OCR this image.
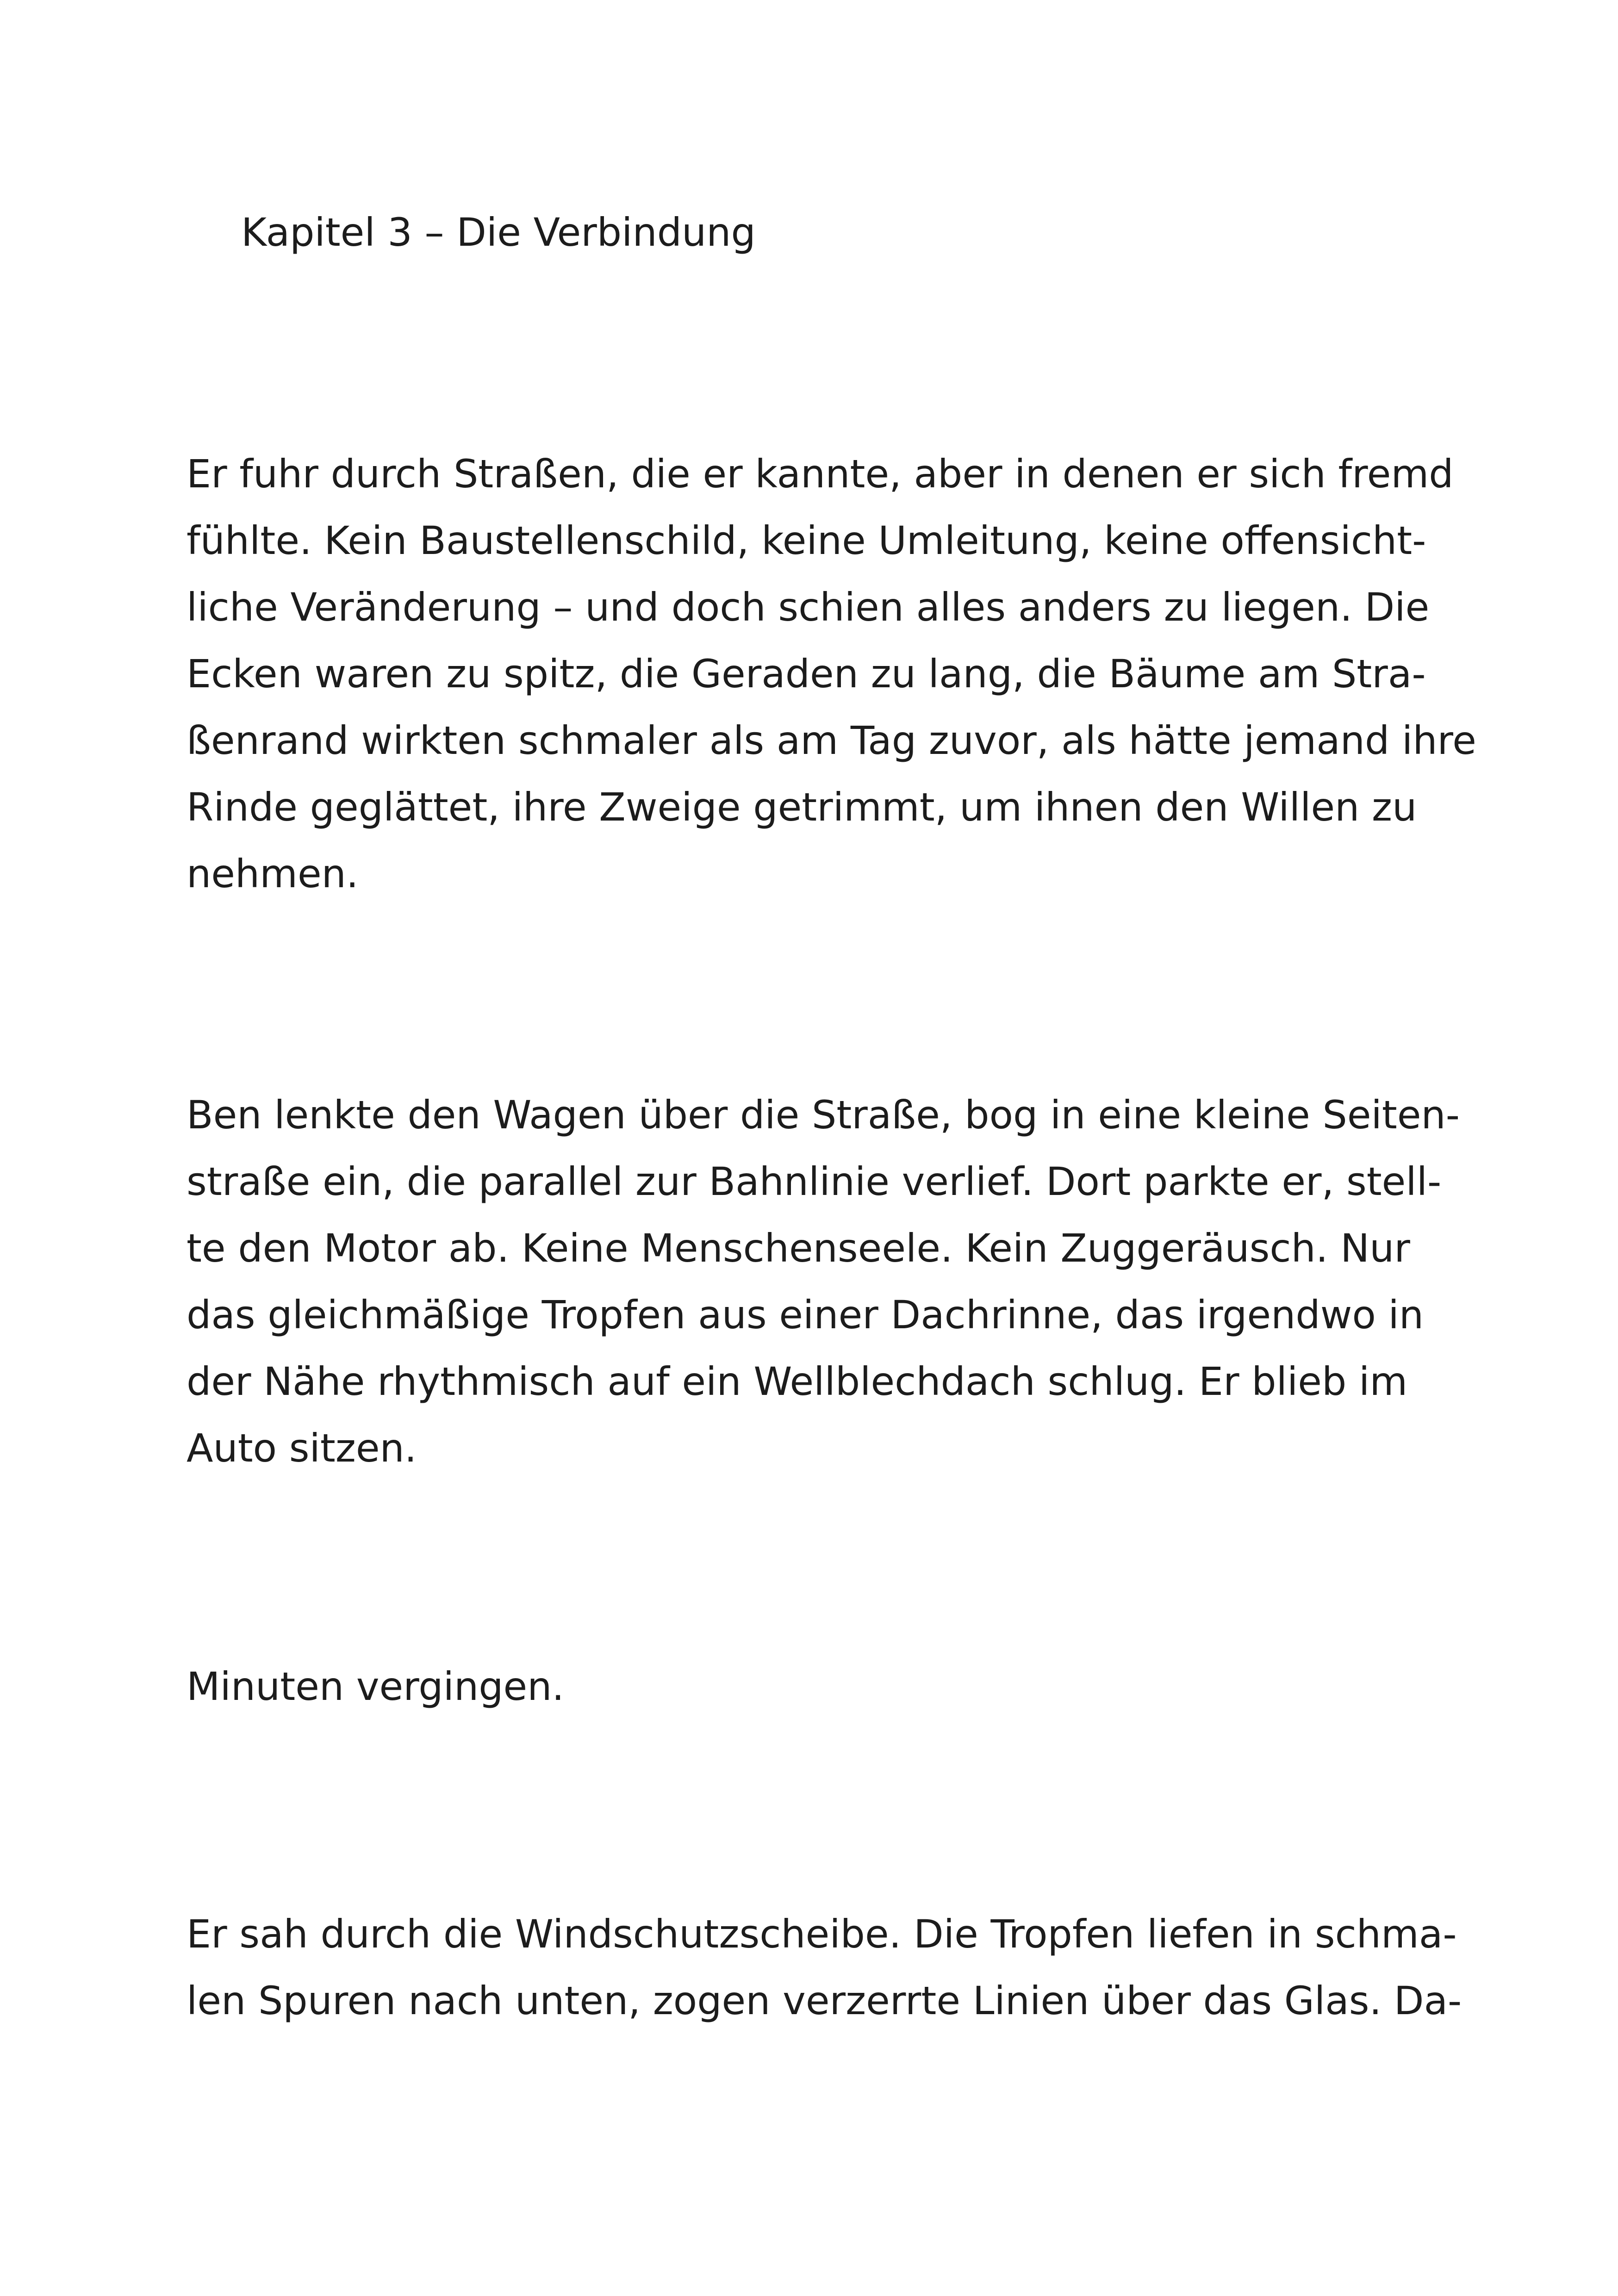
Kapitel 3 – Die Verbindung

Er fuhr durch Straßen, die er kannte, aber in denen er sich fremd
fühlte. Kein Baustellenschild, keine Umleitung, keine offensicht-
liche Veränderung – und doch schien alles anders zu liegen. Die
Ecken waren zu spitz, die Geraden zu lang, die Bäume am Stra-
ßenrand wirkten schmaler als am Tag zuvor, als hätte jemand ihre
Rinde geglättet, ihre Zweige getrimmt, um ihnen den Willen zu
nehmen.

Ben lenkte den Wagen über die Straße, bog in eine kleine Seiten-
straße ein, die parallel zur Bahnlinie verlief. Dort parkte er, stell-
te den Motor ab. Keine Menschenseele. Kein Zuggeräusch. Nur
das gleichmäßige Tropfen aus einer Dachrinne, das irgendwo in
der Nähe rhythmisch auf ein Wellblechdach schlug. Er blieb im
Auto sitzen.

Minuten vergingen.

Er sah durch die Windschutzscheibe. Die Tropfen liefen in schma-
len Spuren nach unten, zogen verzerrte Linien über das Glas. Da-
